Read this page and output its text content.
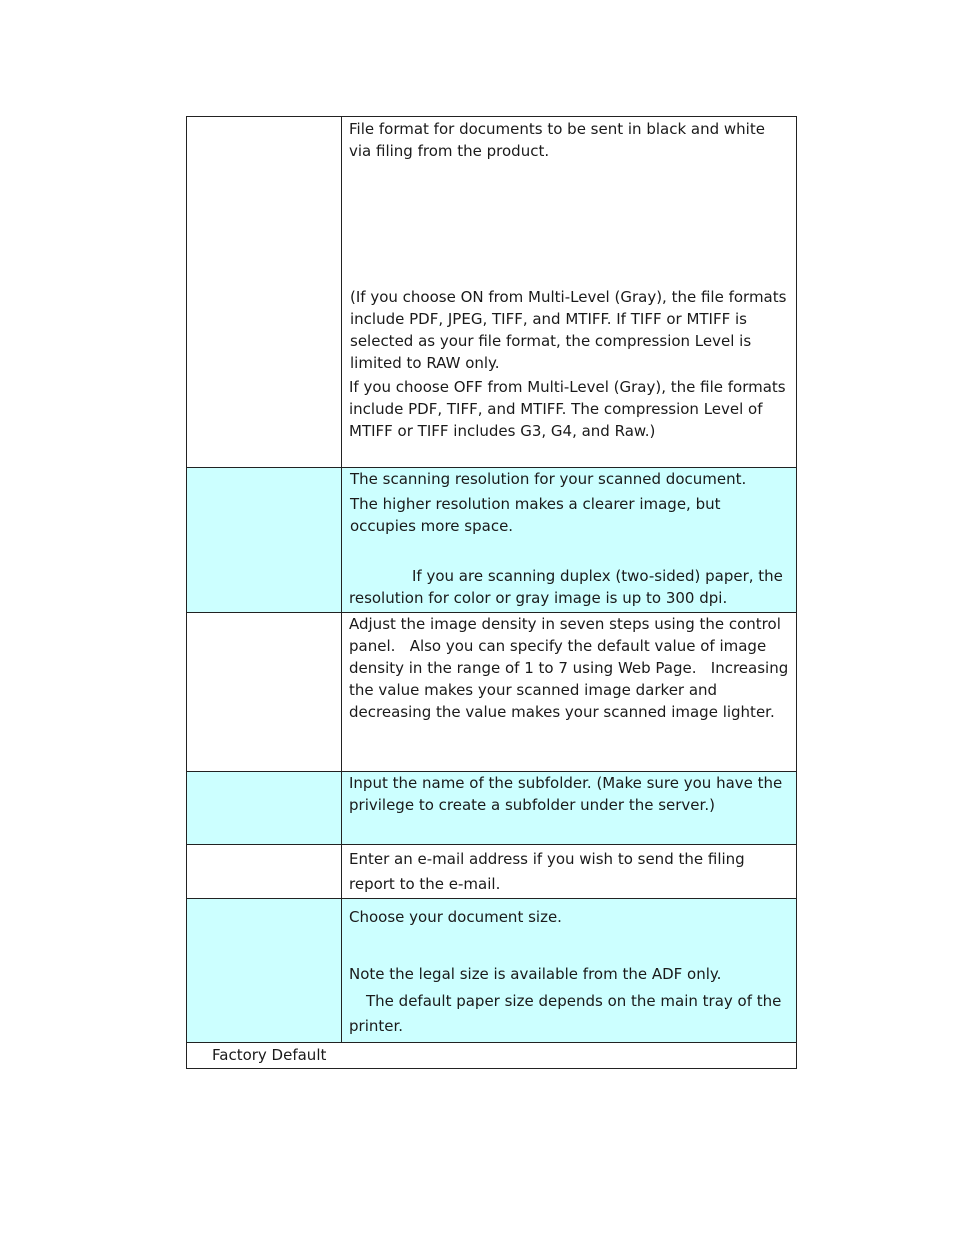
	File format for documents to be sent in black and white via filing from the product.

(If you choose ON from Multi-Level (Gray), the file formats include PDF, JPEG, TIFF, and MTIFF. If TIFF or MTIFF is selected as your file format, the compression Level is limited to RAW only.

If you choose OFF from Multi-Level (Gray), the file formats include PDF, TIFF, and MTIFF. The compression Level of MTIFF or TIFF includes G3, G4, and Raw.)

	The scanning resolution for your scanned document.

The higher resolution makes a clearer image, but occupies more space.

If you are scanning duplex (two-sided) paper, the resolution for color or gray image is up to 300 dpi.

	Adjust the image density in seven steps using the control panel.   Also you can specify the default value of image density in the range of 1 to 7 using Web Page.   Increasing the value makes your scanned image darker and decreasing the value makes your scanned image lighter.

	Input the name of the subfolder. (Make sure you have the privilege to create a subfolder under the server.)

	Enter an e-mail address if you wish to send the filing report to the e-mail.

	Choose your document size.

Note the legal size is available from the ADF only.

The default paper size depends on the main tray of the printer.

Factory Default	
